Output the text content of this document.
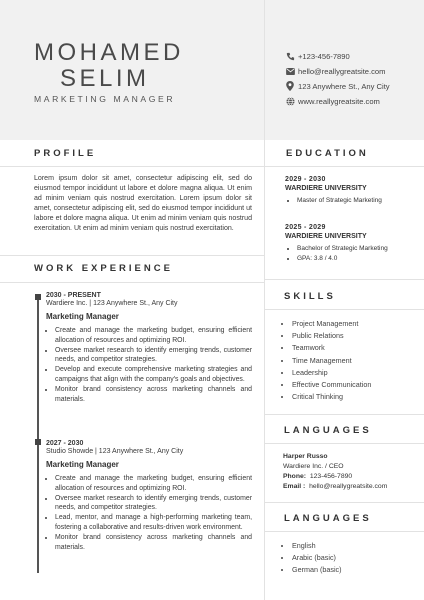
MOHAMED
SELIM
MARKETING MANAGER
+123-456-7890
hello@reallygreatsite.com
123 Anywhere St., Any City
www.reallygreatsite.com
PROFILE
Lorem ipsum dolor sit amet, consectetur adipiscing elit, sed do eiusmod tempor incididunt ut labore et dolore magna aliqua. Ut enim ad minim veniam quis nostrud exercitation. Lorem ipsum dolor sit amet, consectetur adipiscing elit, sed do eiusmod tempor incididunt ut labore et dolore magna aliqua. Ut enim ad minim veniam quis nostrud exercitation. Ut enim ad minim veniam quis nostrud exercitation.
EDUCATION
2029 - 2030
WARDIERE UNIVERSITY
• Master of Strategic Marketing
2025 - 2029
WARDIERE UNIVERSITY
• Bachelor of Strategic Marketing
• GPA: 3.8 / 4.0
WORK EXPERIENCE
2030 - PRESENT
Wardiere Inc. | 123 Anywhere St., Any City
Marketing Manager
• Create and manage the marketing budget, ensuring efficient allocation of resources and optimizing ROI.
• Oversee market research to identify emerging trends, customer needs, and competitor strategies.
• Develop and execute comprehensive marketing strategies and campaigns that align with the company's goals and objectives.
• Monitor brand consistency across marketing channels and materials.
2027 - 2030
Studio Showde | 123 Anywhere St., Any City
Marketing Manager
• Create and manage the marketing budget, ensuring efficient allocation of resources and optimizing ROI.
• Oversee market research to identify emerging trends, customer needs, and competitor strategies.
• Lead, mentor, and manage a high-performing marketing team, fostering a collaborative and results-driven work environment.
• Monitor brand consistency across marketing channels and materials.
SKILLS
• Project Management
• Public Relations
• Teamwork
• Time Management
• Leadership
• Effective Communication
• Critical Thinking
LANGUAGES
Harper Russo
Wardiere Inc. / CEO
Phone: 123-456-7890
Email : hello@reallygreatsite.com
LANGUAGES
• English
• Arabic (basic)
• German (basic)
